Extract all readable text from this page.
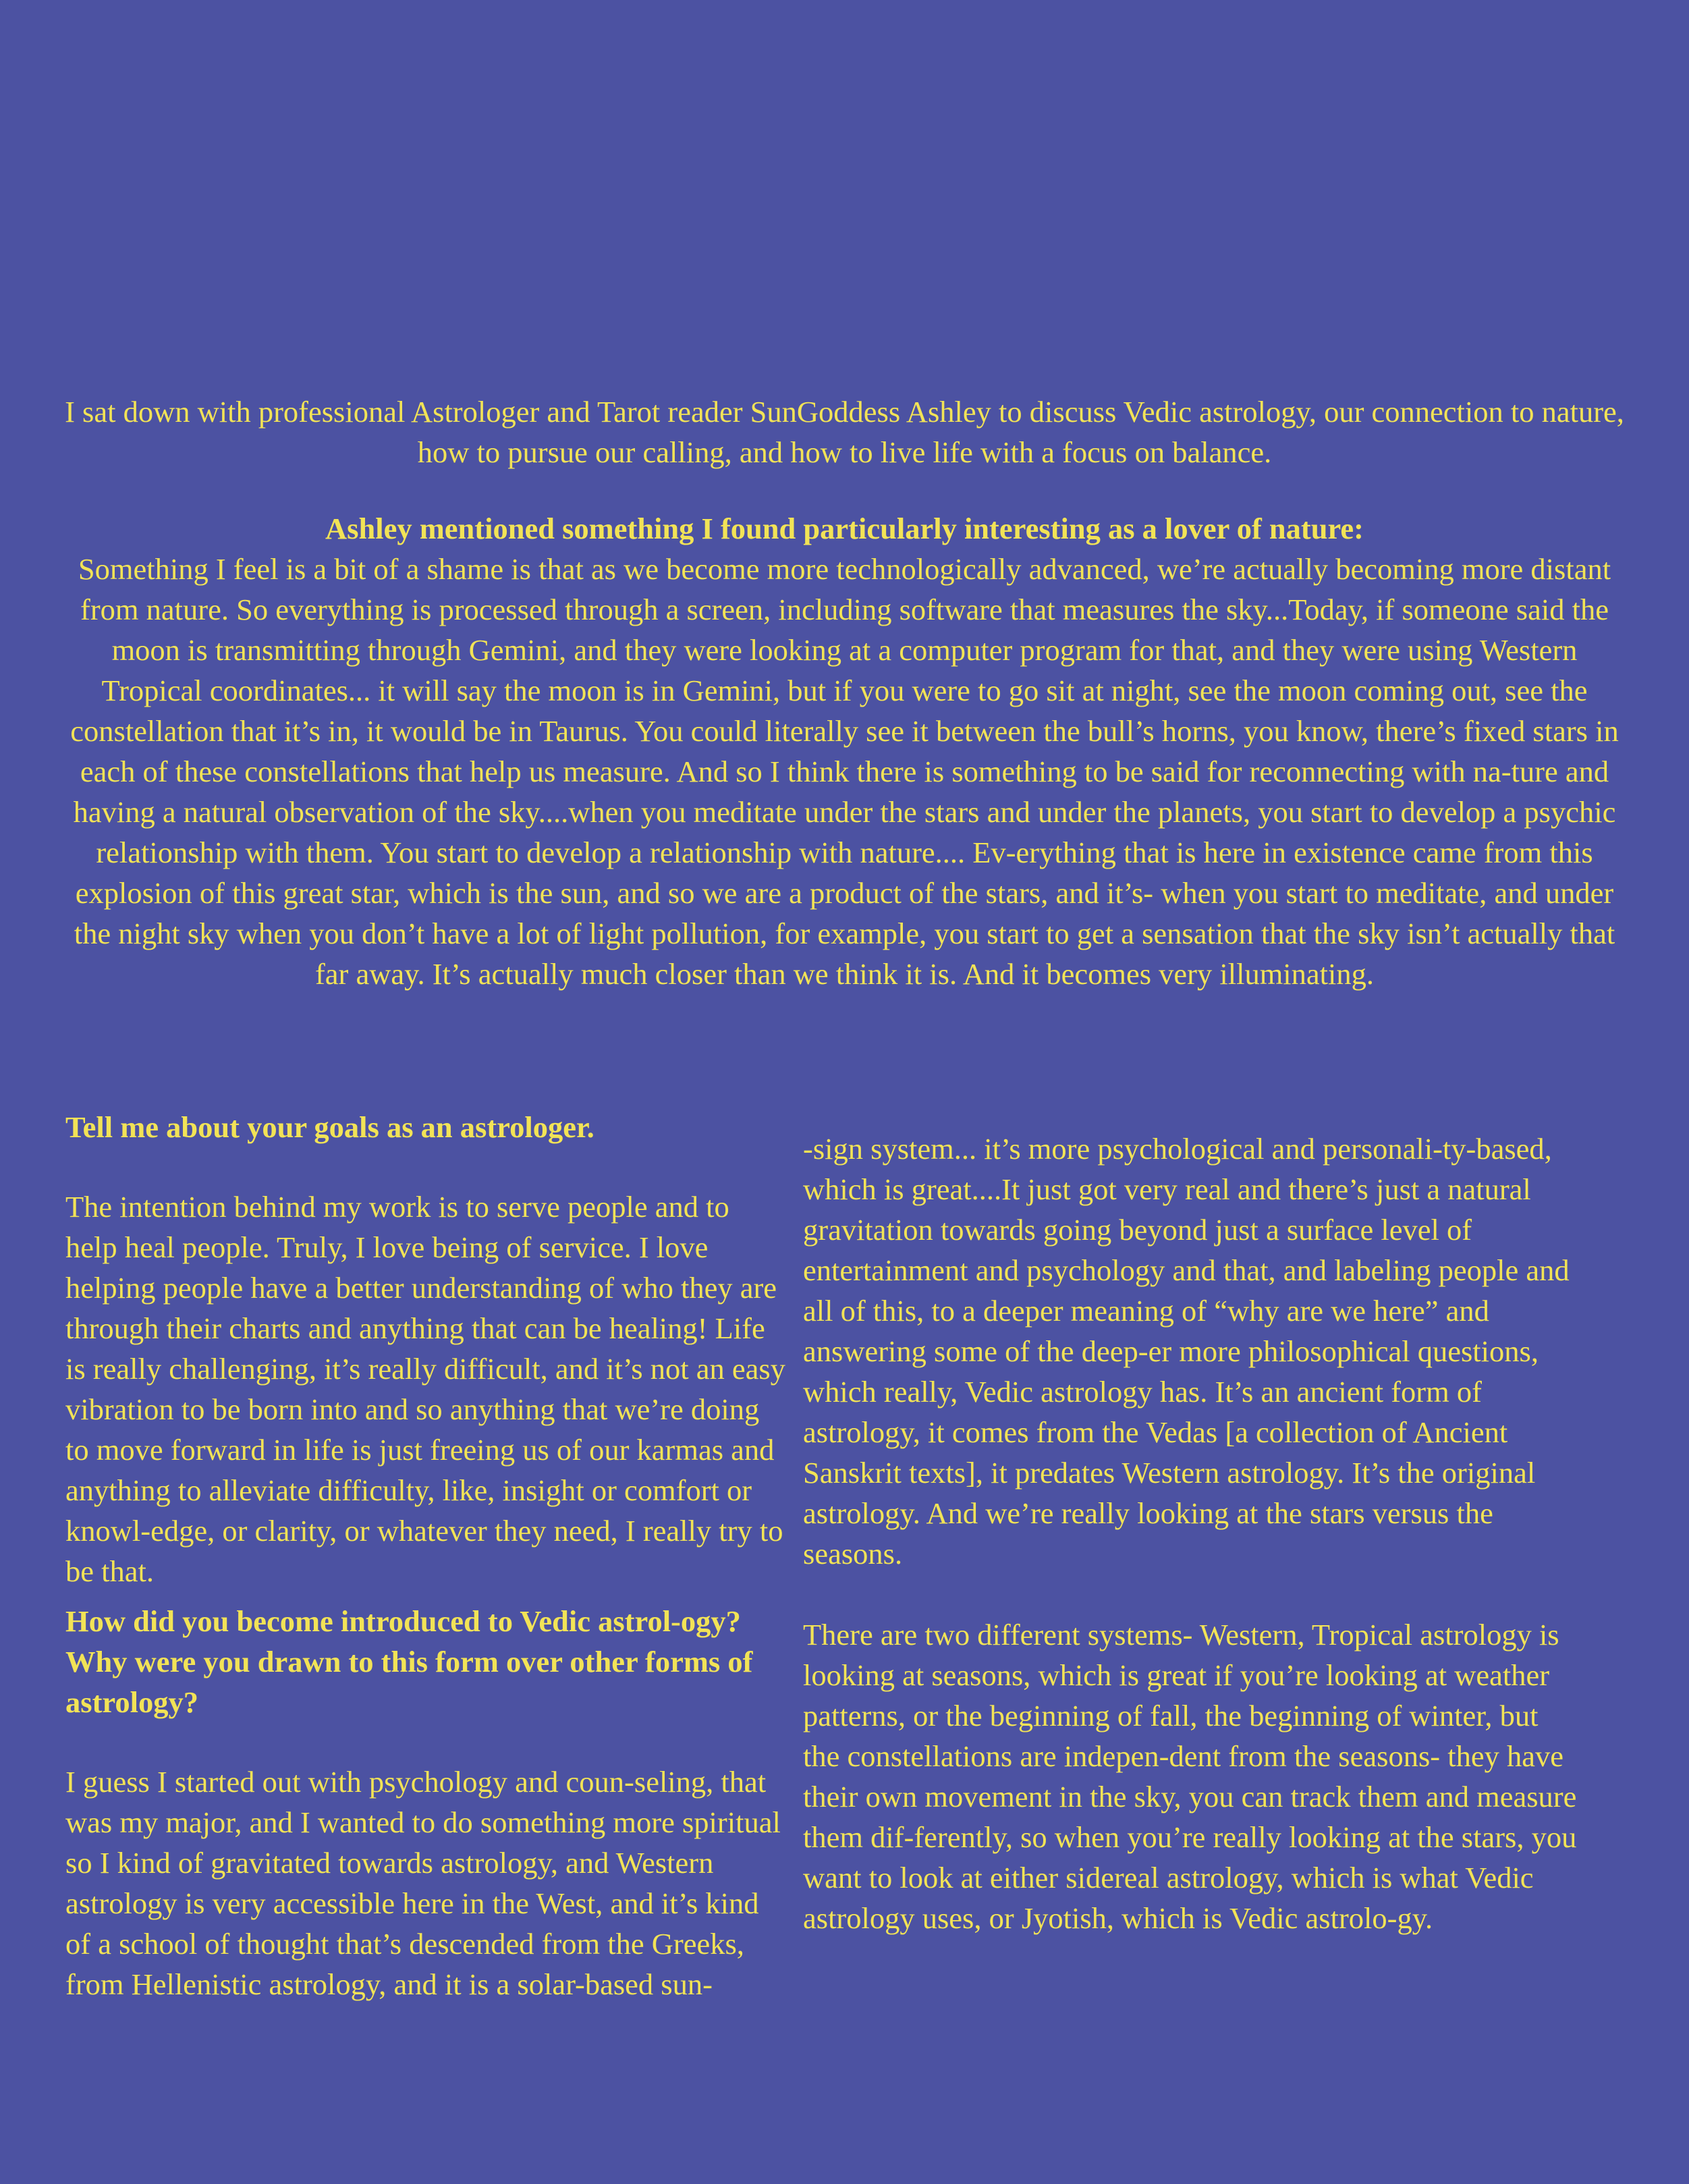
I sat down with professional Astrologer and Tarot reader SunGoddess Ashley to discuss Vedic astrology, our connection to nature, how to pursue our calling, and how to live life with a focus on balance.

Ashley mentioned something I found particularly interesting as a lover of nature:

Something I feel is a bit of a shame is that as we become more technologically advanced, we’re actually becoming more distant from nature. So everything is processed through a screen, including software that measures the sky...Today, if someone said the moon is transmitting through Gemini, and they were looking at a computer program for that, and they were using Western Tropical coordinates... it will say the moon is in Gemini, but if you were to go sit at night, see the moon coming out, see the constellation that it’s in, it would be in Taurus. You could literally see it between the bull’s horns, you know, there’s fixed stars in each of these constellations that help us measure. And so I think there is something to be said for reconnecting with na-ture and having a natural observation of the sky....when you meditate under the stars and under the planets, you start to develop a psychic relationship with them. You start to develop a relationship with nature.... Ev-erything that is here in existence came from this explosion of this great star, which is the sun, and so we are a product of the stars, and it’s- when you start to meditate, and under the night sky when you don’t have a lot of light pollution, for example, you start to get a sensation that the sky isn’t actually that far away. It’s actually much closer than we think it is. And it becomes very illuminating.

Tell me about your goals as an astrologer.

The intention behind my work is to serve people and to help heal people. Truly, I love being of service. I love helping people have a better understanding of who they are through their charts and anything that can be healing! Life is really challenging, it’s really difficult, and it’s not an easy vibration to be born into and so anything that we’re doing to move forward in life is just freeing us of our karmas and anything to alleviate difficulty, like, insight or comfort or knowl-edge, or clarity, or whatever they need, I really try to be that.

How did you become introduced to Vedic astrol-ogy? Why were you drawn to this form over other forms of astrology?

I guess I started out with psychology and coun-seling, that was my major, and I wanted to do something more spiritual so I kind of gravitated towards astrology, and Western astrology is very accessible here in the West, and it’s kind of a school of thought that’s descended from the Greeks, from Hellenistic astrology, and it is a solar-based sun-

-sign system... it’s more psychological and personali-ty-based, which is great....It just got very real and there’s just a natural gravitation towards going beyond just a surface level of entertainment and psychology and that, and labeling people and all of this, to a deeper meaning of “why are we here” and answering some of the deep-er more philosophical questions, which really, Vedic astrology has. It’s an ancient form of astrology, it comes from the Vedas [a collection of Ancient Sanskrit texts], it predates Western astrology. It’s the original astrology. And we’re really looking at the stars versus the seasons.

There are two different systems- Western, Tropical astrology is looking at seasons, which is great if you’re looking at weather patterns, or the beginning of fall, the beginning of winter, but the constellations are indepen-dent from the seasons- they have their own movement in the sky, you can track them and measure them dif-ferently, so when you’re really looking at the stars, you want to look at either sidereal astrology, which is what Vedic astrology uses, or Jyotish, which is Vedic astrolo-gy.
